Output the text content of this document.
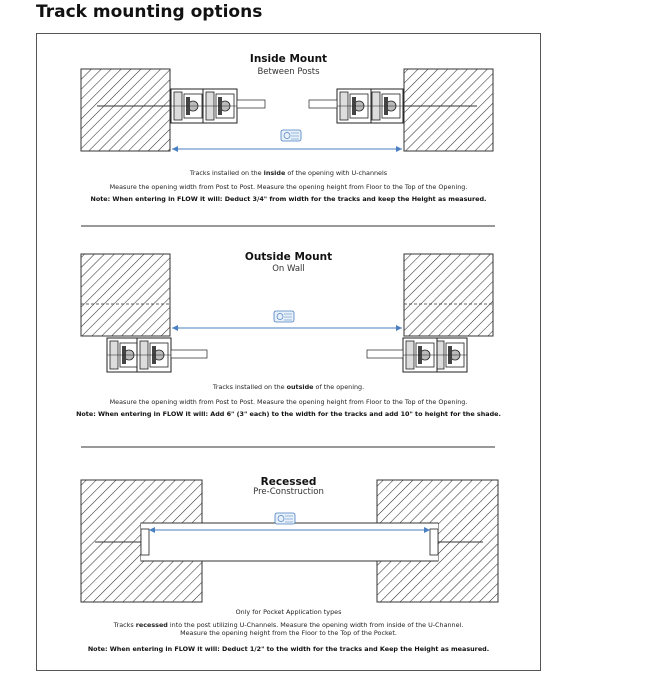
Track mounting options
Inside Mount
Between Posts
Tracks installed on the inside of the opening with U-channels
Measure the opening width from Post to Post. Measure the opening height from Floor to the Top of the Opening.
Note: When entering in FLOW it will: Deduct 3/4" from width for the tracks and keep the Height as measured.
Outside Mount
On Wall
Tracks installed on the outside of the opening.
Measure the opening width from Post to Post. Measure the opening height from Floor to the Top of the Opening.
Note: When entering in FLOW it will: Add 6" (3" each) to the width for the tracks and add 10" to height for the shade.
Recessed
Pre-Construction
Only for Pocket Application types
Tracks recessed into the post utilizing U-Channels. Measure the opening width from inside of the U-Channel.
Measure the opening height from the Floor to the Top of the Pocket.
Note: When entering in FLOW it will: Deduct 1/2" to the width for the tracks and Keep the Height as measured.
